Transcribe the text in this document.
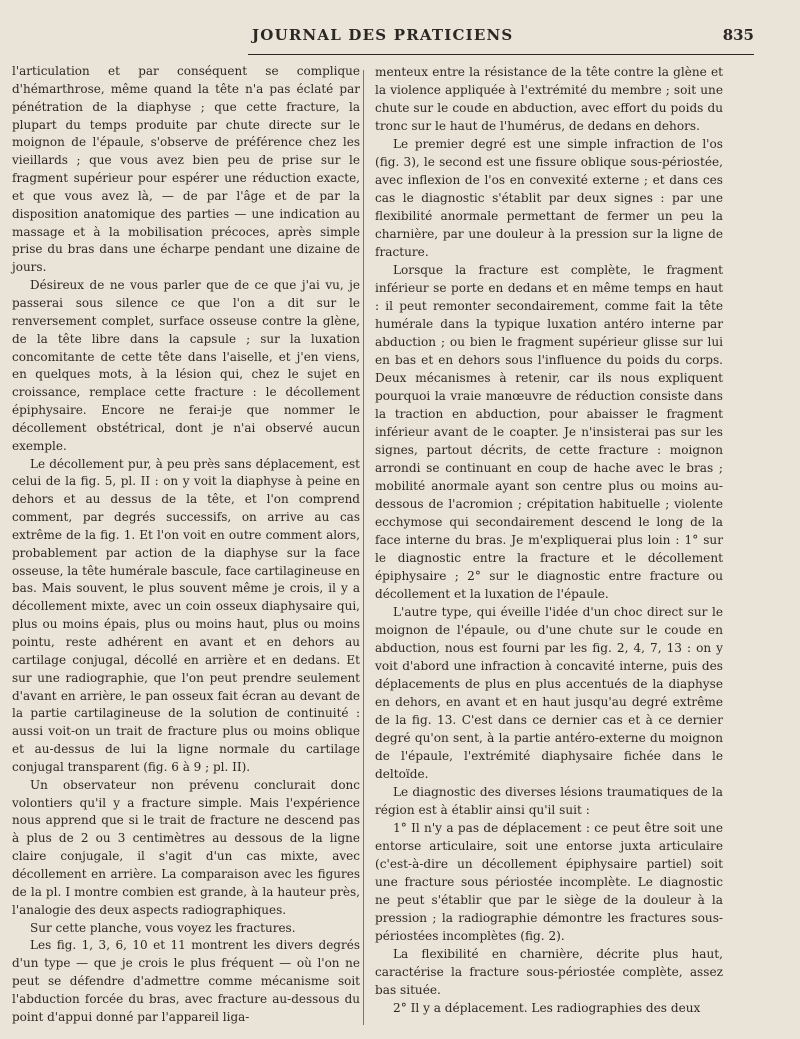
JOURNAL DES PRATICIENS	835

l'articulation et par conséquent se complique d'hémarthrose, même quand la tête n'a pas éclaté par pénétration de la diaphyse ; que cette fracture, la plupart du temps produite par chute directe sur le moignon de l'épaule, s'observe de préférence chez les vieillards ; que vous avez bien peu de prise sur le fragment supérieur pour espérer une réduction exacte, et que vous avez là, — de par l'âge et de par la disposition anatomique des parties — une indication au massage et à la mobilisation précoces, après simple prise du bras dans une écharpe pendant une dizaine de jours.

Désireux de ne vous parler que de ce que j'ai vu, je passerai sous silence ce que l'on a dit sur le renversement complet, surface osseuse contre la glène, de la tête libre dans la capsule ; sur la luxation concomitante de cette tête dans l'aiselle, et j'en viens, en quelques mots, à la lésion qui, chez le sujet en croissance, remplace cette fracture : le décollement épiphysaire. Encore ne ferai-je que nommer le décollement obstétrical, dont je n'ai observé aucun exemple.

Le décollement pur, à peu près sans déplacement, est celui de la fig. 5, pl. II : on y voit la diaphyse à peine en dehors et au dessus de la tête, et l'on comprend comment, par degrés successifs, on arrive au cas extrême de la fig. 1. Et l'on voit en outre comment alors, probablement par action de la diaphyse sur la face osseuse, la tête humérale bascule, face cartilagineuse en bas. Mais souvent, le plus souvent même je crois, il y a décollement mixte, avec un coin osseux diaphysaire qui, plus ou moins épais, plus ou moins haut, plus ou moins pointu, reste adhérent en avant et en dehors au cartilage conjugal, décollé en arrière et en dedans. Et sur une radiographie, que l'on peut prendre seulement d'avant en arrière, le pan osseux fait écran au devant de la partie cartilagineuse de la solution de continuité : aussi voit-on un trait de fracture plus ou moins oblique et au-dessus de lui la ligne normale du cartilage conjugal transparent (fig. 6 à 9 ; pl. II).

Un observateur non prévenu conclurait donc volontiers qu'il y a fracture simple. Mais l'expérience nous apprend que si le trait de fracture ne descend pas à plus de 2 ou 3 centimètres au dessous de la ligne claire conjugale, il s'agit d'un cas mixte, avec décollement en arrière. La comparaison avec les figures de la pl. I montre combien est grande, à la hauteur près, l'analogie des deux aspects radiographiques.

Sur cette planche, vous voyez les fractures.

Les fig. 1, 3, 6, 10 et 11 montrent les divers degrés d'un type — que je crois le plus fréquent — où l'on ne peut se défendre d'admettre comme mécanisme soit l'abduction forcée du bras, avec fracture au-dessous du point d'appui donné par l'appareil liga-

menteux entre la résistance de la tête contre la glène et la violence appliquée à l'extrémité du membre ; soit une chute sur le coude en abduction, avec effort du poids du tronc sur le haut de l'humérus, de dedans en dehors.

Le premier degré est une simple infraction de l'os (fig. 3), le second est une fissure oblique sous-périostée, avec inflexion de l'os en convexité externe ; et dans ces cas le diagnostic s'établit par deux signes : par une flexibilité anormale permettant de fermer un peu la charnière, par une douleur à la pression sur la ligne de fracture.

Lorsque la fracture est complète, le fragment inférieur se porte en dedans et en même temps en haut : il peut remonter secondairement, comme fait la tête humérale dans la typique luxation antéro interne par abduction ; ou bien le fragment supérieur glisse sur lui en bas et en dehors sous l'influence du poids du corps. Deux mécanismes à retenir, car ils nous expliquent pourquoi la vraie manœuvre de réduction consiste dans la traction en abduction, pour abaisser le fragment inférieur avant de le coapter. Je n'insisterai pas sur les signes, partout décrits, de cette fracture : moignon arrondi se continuant en coup de hache avec le bras ; mobilité anormale ayant son centre plus ou moins au-dessous de l'acromion ; crépitation habituelle ; violente ecchymose qui secondairement descend le long de la face interne du bras. Je m'expliquerai plus loin : 1° sur le diagnostic entre la fracture et le décollement épiphysaire ; 2° sur le diagnostic entre fracture ou décollement et la luxation de l'épaule.

L'autre type, qui éveille l'idée d'un choc direct sur le moignon de l'épaule, ou d'une chute sur le coude en abduction, nous est fourni par les fig. 2, 4, 7, 13 : on y voit d'abord une infraction à concavité interne, puis des déplacements de plus en plus accentués de la diaphyse en dehors, en avant et en haut jusqu'au degré extrême de la fig. 13. C'est dans ce dernier cas et à ce dernier degré qu'on sent, à la partie antéro-externe du moignon de l'épaule, l'extrémité diaphysaire fichée dans le deltoïde.

Le diagnostic des diverses lésions traumatiques de la région est à établir ainsi qu'il suit :

1° Il n'y a pas de déplacement : ce peut être soit une entorse articulaire, soit une entorse juxta articulaire (c'est-à-dire un décollement épiphysaire partiel) soit une fracture sous périostée incomplète. Le diagnostic ne peut s'établir que par le siège de la douleur à la pression ; la radiographie démontre les fractures sous-périostées incomplètes (fig. 2).

La flexibilité en charnière, décrite plus haut, caractérise la fracture sous-périostée complète, assez bas située.

2° Il y a déplacement. Les radiographies des deux
